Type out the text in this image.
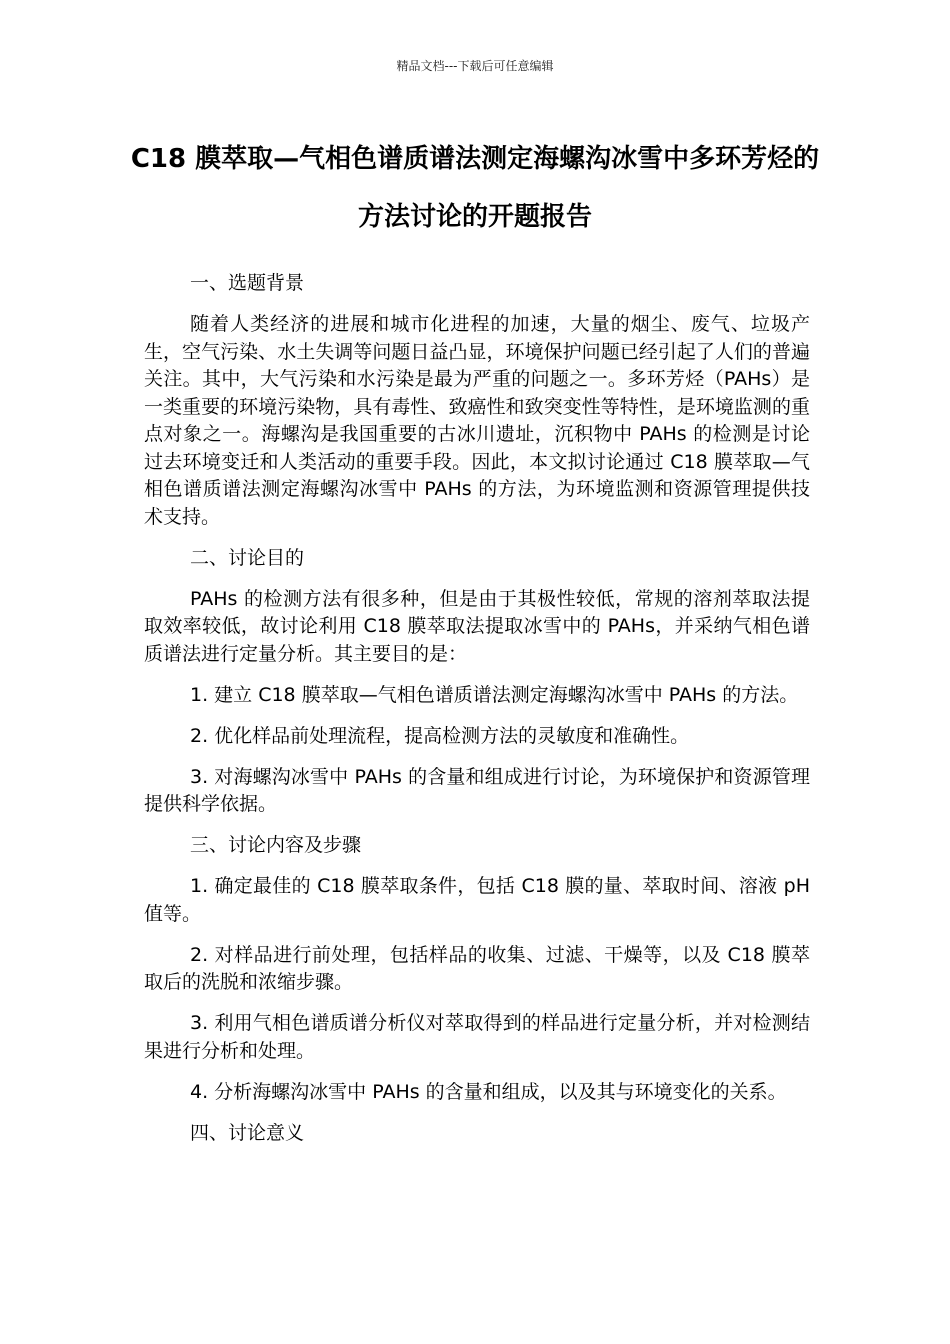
精品文档---下载后可任意编辑
C18 膜萃取—气相色谱质谱法测定海螺沟冰雪中多环芳烃的方法讨论的开题报告

一、选题背景

随着人类经济的进展和城市化进程的加速，大量的烟尘、废气、垃圾产生，空气污染、水土失调等问题日益凸显，环境保护问题已经引起了人们的普遍关注。其中，大气污染和水污染是最为严重的问题之一。多环芳烃（PAHs）是一类重要的环境污染物，具有毒性、致癌性和致突变性等特性，是环境监测的重点对象之一。海螺沟是我国重要的古冰川遗址，沉积物中 PAHs 的检测是讨论过去环境变迁和人类活动的重要手段。因此，本文拟讨论通过 C18 膜萃取—气相色谱质谱法测定海螺沟冰雪中 PAHs 的方法，为环境监测和资源管理提供技术支持。

二、讨论目的

PAHs 的检测方法有很多种，但是由于其极性较低，常规的溶剂萃取法提取效率较低，故讨论利用 C18 膜萃取法提取冰雪中的 PAHs，并采纳气相色谱质谱法进行定量分析。其主要目的是：

1. 建立 C18 膜萃取—气相色谱质谱法测定海螺沟冰雪中 PAHs 的方法。

2. 优化样品前处理流程，提高检测方法的灵敏度和准确性。

3. 对海螺沟冰雪中 PAHs 的含量和组成进行讨论，为环境保护和资源管理提供科学依据。

三、讨论内容及步骤

1. 确定最佳的 C18 膜萃取条件，包括 C18 膜的量、萃取时间、溶液 pH 值等。

2. 对样品进行前处理，包括样品的收集、过滤、干燥等，以及 C18 膜萃取后的洗脱和浓缩步骤。

3. 利用气相色谱质谱分析仪对萃取得到的样品进行定量分析，并对检测结果进行分析和处理。

4. 分析海螺沟冰雪中 PAHs 的含量和组成，以及其与环境变化的关系。

四、讨论意义
